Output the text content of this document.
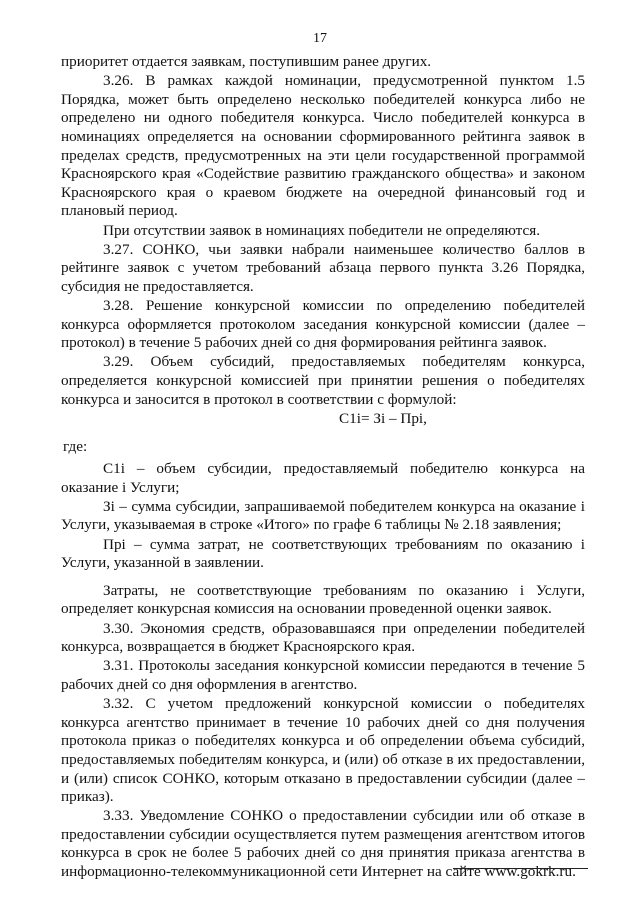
17

приоритет отдается заявкам, поступившим ранее других.

3.26. В рамках каждой номинации, предусмотренной пунктом 1.5 Порядка, может быть определено несколько победителей конкурса либо не определено ни одного победителя конкурса. Число победителей конкурса в номинациях определяется на основании сформированного рейтинга заявок в пределах средств, предусмотренных на эти цели государственной программой Красноярского края «Содействие развитию гражданского общества» и законом Красноярского края о краевом бюджете на очередной финансовый год и плановый период.

При отсутствии заявок в номинациях победители не определяются.

3.27. СОНКО, чьи заявки набрали наименьшее количество баллов в рейтинге заявок с учетом требований абзаца первого пункта 3.26 Порядка, субсидия не предоставляется.

3.28. Решение конкурсной комиссии по определению победителей конкурса оформляется протоколом заседания конкурсной комиссии (далее – протокол) в течение 5 рабочих дней со дня формирования рейтинга заявок.

3.29. Объем субсидий, предоставляемых победителям конкурса, определяется конкурсной комиссией при принятии решения о победителях конкурса и заносится в протокол в соответствии с формулой:

С1i= Зi – Прi,

где:

С1i – объем субсидии, предоставляемый победителю конкурса на оказание i Услуги;

Зi – сумма субсидии, запрашиваемой победителем конкурса на оказание i Услуги, указываемая в строке «Итого» по графе 6 таблицы № 2.18 заявления;

Прi – сумма затрат, не соответствующих требованиям по оказанию i Услуги, указанной в заявлении.

Затраты, не соответствующие требованиям по оказанию i Услуги, определяет конкурсная комиссия на основании проведенной оценки заявок.

3.30. Экономия средств, образовавшаяся при определении победителей конкурса, возвращается в бюджет Красноярского края.

3.31. Протоколы заседания конкурсной комиссии передаются в течение 5 рабочих дней со дня оформления в агентство.

3.32. С учетом предложений конкурсной комиссии о победителях конкурса агентство принимает в течение 10 рабочих дней со дня получения протокола приказ о победителях конкурса и об определении объема субсидий, предоставляемых победителям конкурса, и (или) об отказе в их предоставлении, и (или) список СОНКО, которым отказано в предоставлении субсидии (далее – приказ).

3.33. Уведомление СОНКО о предоставлении субсидии или об отказе в предоставлении субсидии осуществляется путем размещения агентством итогов конкурса в срок не более 5 рабочих дней со дня принятия приказа агентства в информационно-телекоммуникационной сети Интернет на сайте www.gokrk.ru.
